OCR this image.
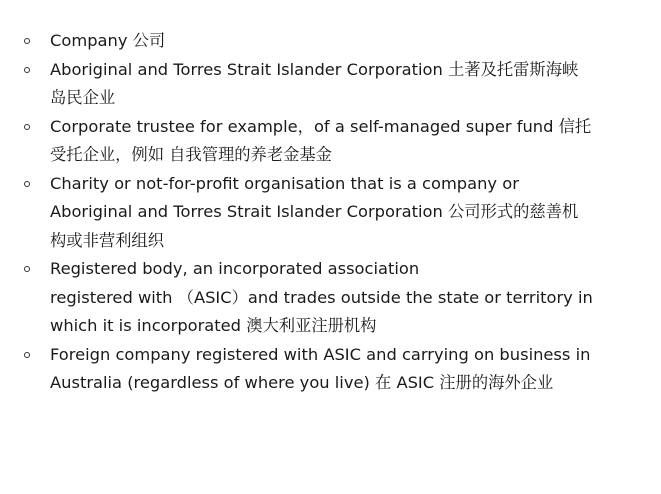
Company 公司
Aboriginal and Torres Strait Islander Corporation 土著及托雷斯海峡
岛民企业
Corporate trustee for example，of a self-managed super fund 信托
受托企业，例如 自我管理的养老金基金
Charity or not-for-profit organisation that is a company or
Aboriginal and Torres Strait Islander Corporation 公司形式的慈善机
构或非营利组织
Registered body, an incorporated association
registered with （ASIC）and trades outside the state or territory in
which it is incorporated 澳大利亚注册机构
Foreign company registered with ASIC and carrying on business in
Australia (regardless of where you live) 在 ASIC 注册的海外企业
